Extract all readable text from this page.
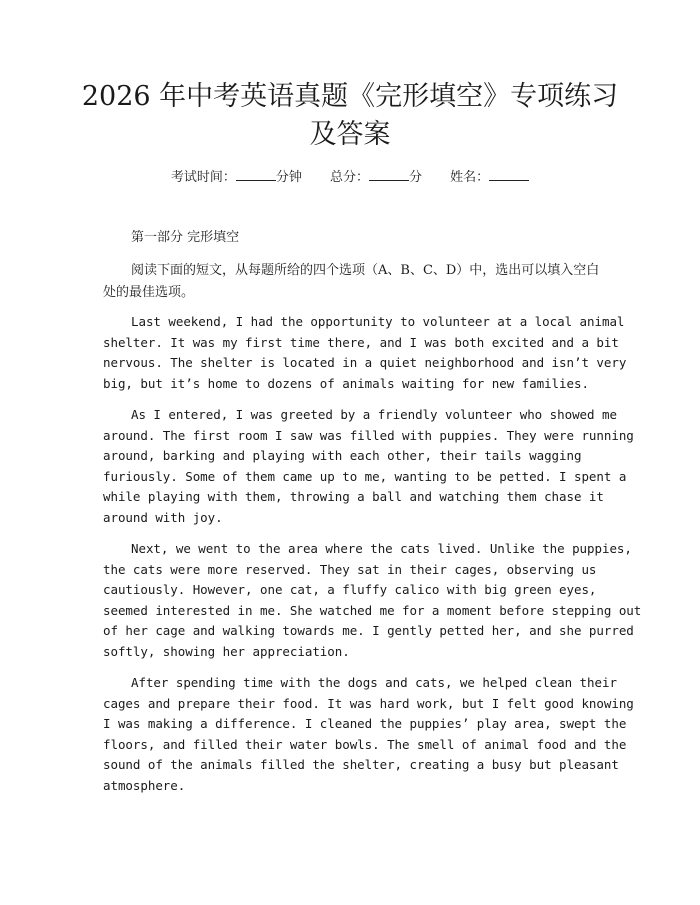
2026 年中考英语真题《完形填空》专项练习
及答案
考试时间：	分钟 总分：	分 姓名：
第一部分 完形填空

阅读下面的短文，从每题所给的四个选项（A、B、C、D）中，选出可以填入空白处的最佳选项。

Last weekend, I had the opportunity to volunteer at a local animal
shelter. It was my first time there, and I was both excited and a bit
nervous. The shelter is located in a quiet neighborhood and isn’t very
big, but it’s home to dozens of animals waiting for new families.
As I entered, I was greeted by a friendly volunteer who showed me
around. The first room I saw was filled with puppies. They were running
around, barking and playing with each other, their tails wagging
furiously. Some of them came up to me, wanting to be petted. I spent a
while playing with them, throwing a ball and watching them chase it
around with joy.
Next, we went to the area where the cats lived. Unlike the puppies,
the cats were more reserved. They sat in their cages, observing us
cautiously. However, one cat, a fluffy calico with big green eyes,
seemed interested in me. She watched me for a moment before stepping out
of her cage and walking towards me. I gently petted her, and she purred
softly, showing her appreciation.
After spending time with the dogs and cats, we helped clean their
cages and prepare their food. It was hard work, but I felt good knowing
I was making a difference. I cleaned the puppies’ play area, swept the
floors, and filled their water bowls. The smell of animal food and the
sound of the animals filled the shelter, creating a busy but pleasant
atmosphere.
